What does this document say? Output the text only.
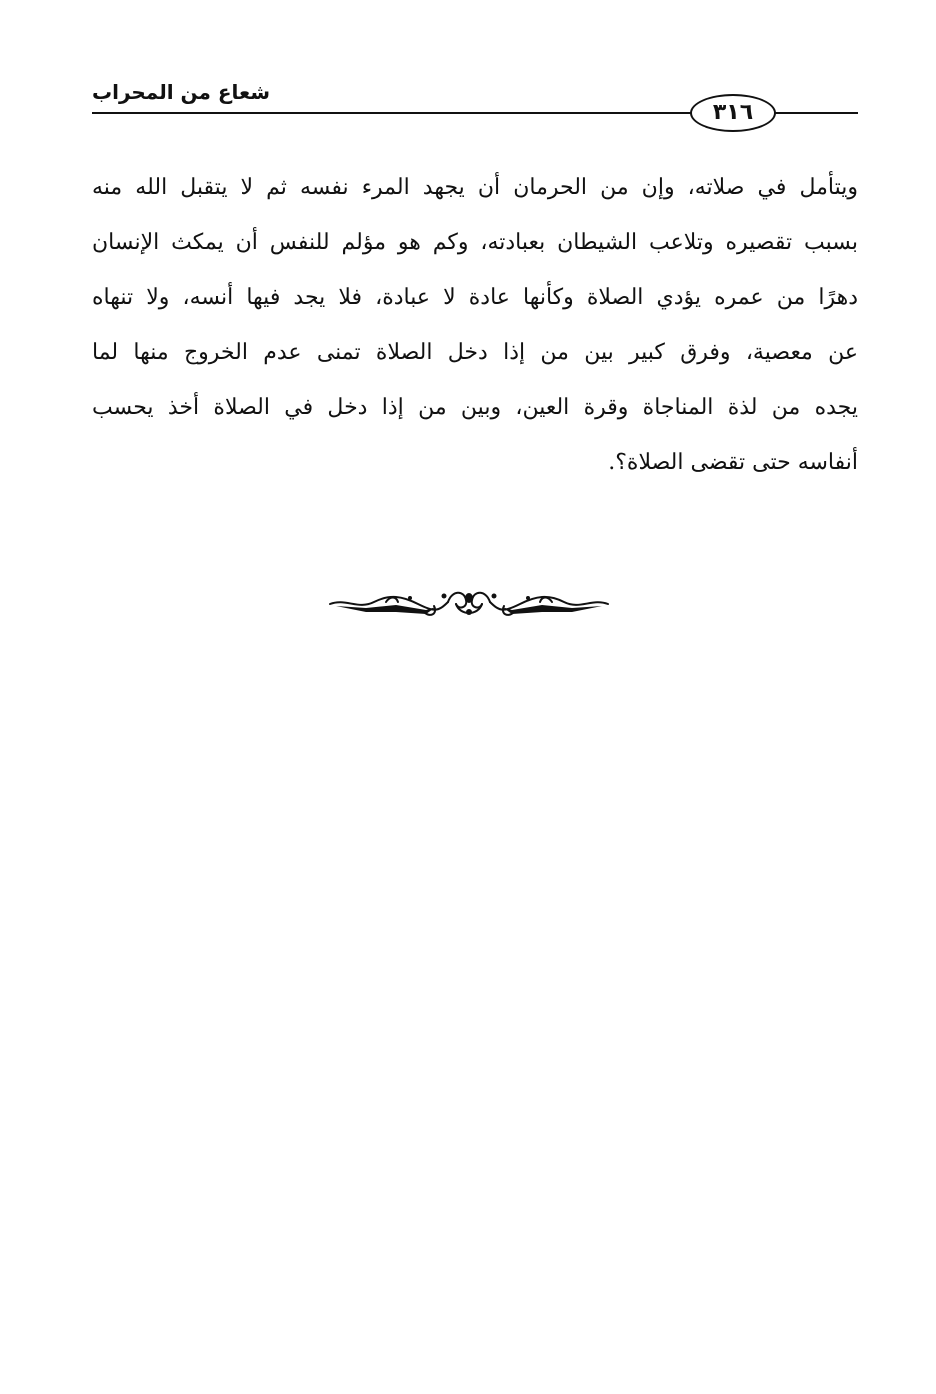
شعاع من المحراب
٣١٦
ويتأمل في صلاته، وإن من الحرمان أن يجهد المرء نفسه ثم لا يتقبل الله منه
بسبب تقصيره وتلاعب الشيطان بعبادته، وكم هو مؤلم للنفس أن يمكث الإنسان
دهرًا من عمره يؤدي الصلاة وكأنها عادة لا عبادة، فلا يجد فيها أنسه، ولا تنهاه
عن معصية، وفرق كبير بين من إذا دخل الصلاة تمنى عدم الخروج منها لما
يجده من لذة المناجاة وقرة العين، وبين من إذا دخل في الصلاة أخذ يحسب
أنفاسه حتى تقضى الصلاة؟.
